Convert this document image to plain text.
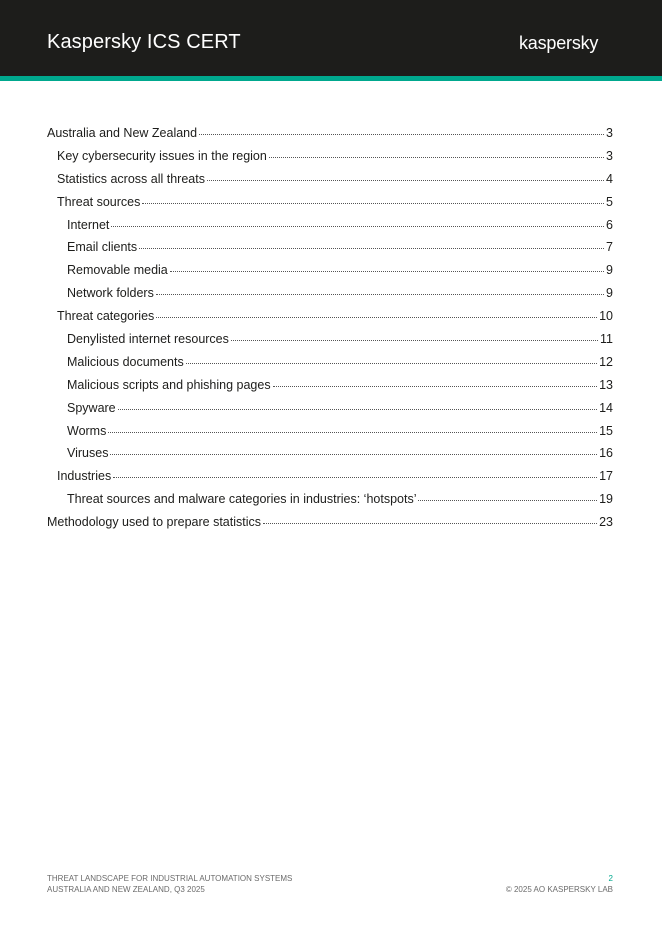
Kaspersky ICS CERT	kaspersky
Australia and New Zealand	3
Key cybersecurity issues in the region	3
Statistics across all threats	4
Threat sources	5
Internet	6
Email clients	7
Removable media	9
Network folders	9
Threat categories	10
Denylisted internet resources	11
Malicious documents	12
Malicious scripts and phishing pages	13
Spyware	14
Worms	15
Viruses	16
Industries	17
Threat sources and malware categories in industries: ‘hotspots’	19
Methodology used to prepare statistics	23
THREAT LANDSCAPE FOR INDUSTRIAL AUTOMATION SYSTEMS
AUSTRALIA AND NEW ZEALAND, Q3 2025
2
© 2025 AO KASPERSKY LAB
